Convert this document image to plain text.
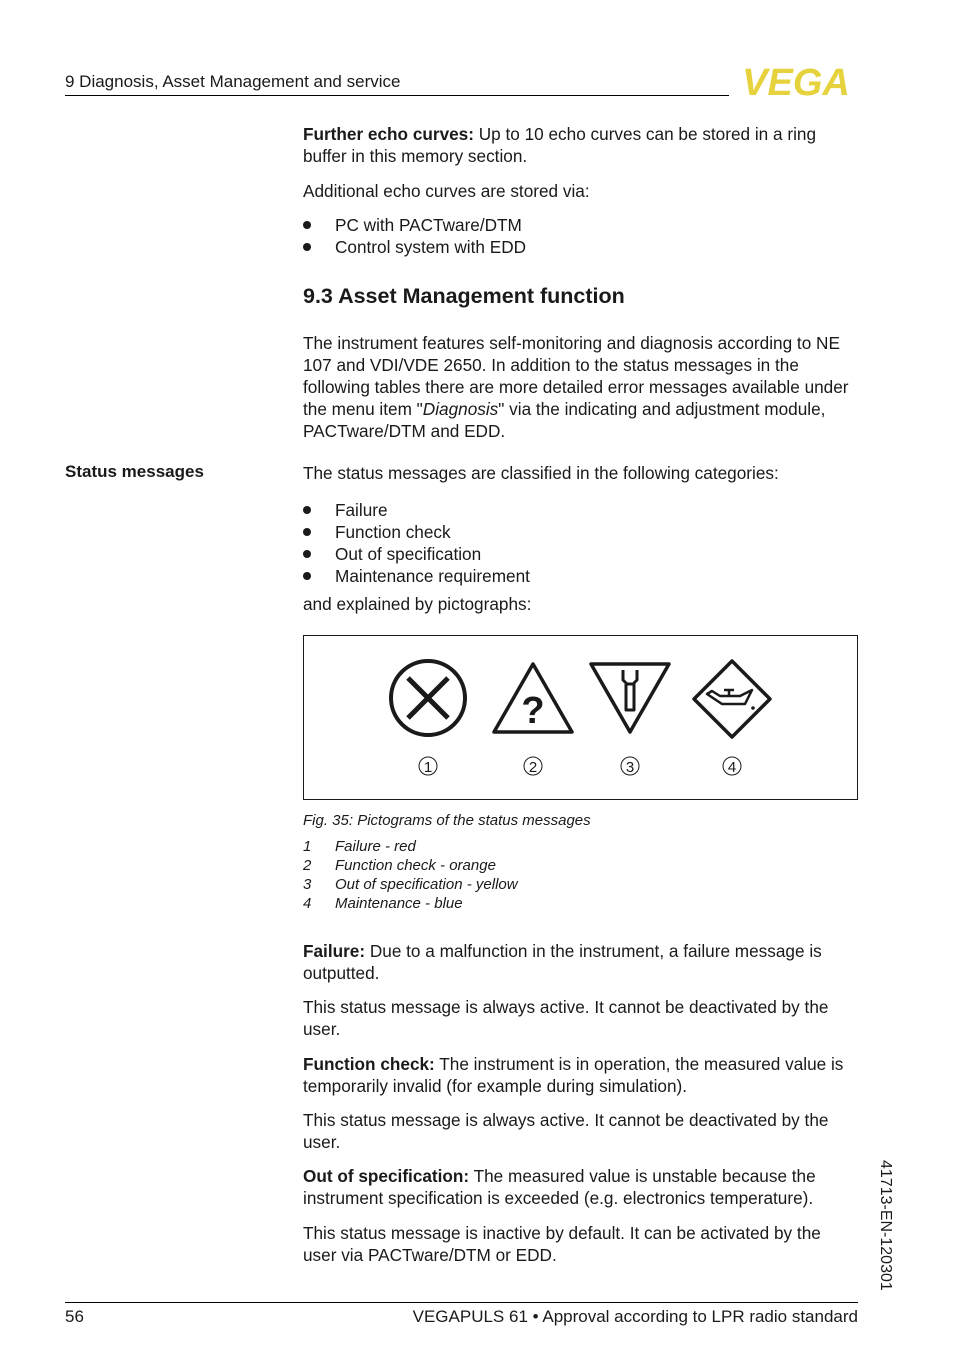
9 Diagnosis, Asset Management and service	VEGA

Further echo curves: Up to 10 echo curves can be stored in a ring buffer in this memory section.

Additional echo curves are stored via:
PC with PACTware/DTM
Control system with EDD
9.3 Asset Management function

The instrument features self-monitoring and diagnosis according to NE 107 and VDI/VDE 2650. In addition to the status messages in the following tables there are more detailed error messages available under the menu item "Diagnosis" via the indicating and adjustment module, PACTware/DTM and EDD.

Status messages	The status messages are classified in the following categories:
Failure
Function check
Out of specification
Maintenance requirement
and explained by pictographs:
?
1	2	3	4
Fig. 35: Pictograms of the status messages
1 Failure - red
2 Function check - orange
3 Out of specification - yellow
4 Maintenance - blue

Failure: Due to a malfunction in the instrument, a failure message is outputted.

This status message is always active. It cannot be deactivated by the user.

Function check: The instrument is in operation, the measured value is temporarily invalid (for example during simulation).

This status message is always active. It cannot be deactivated by the user.

Out of specification: The measured value is unstable because the instrument specification is exceeded (e.g. electronics temperature).

This status message is inactive by default. It can be activated by the user via PACTware/DTM or EDD.	41713-EN-120301
56	VEGAPULS 61 • Approval according to LPR radio standard
